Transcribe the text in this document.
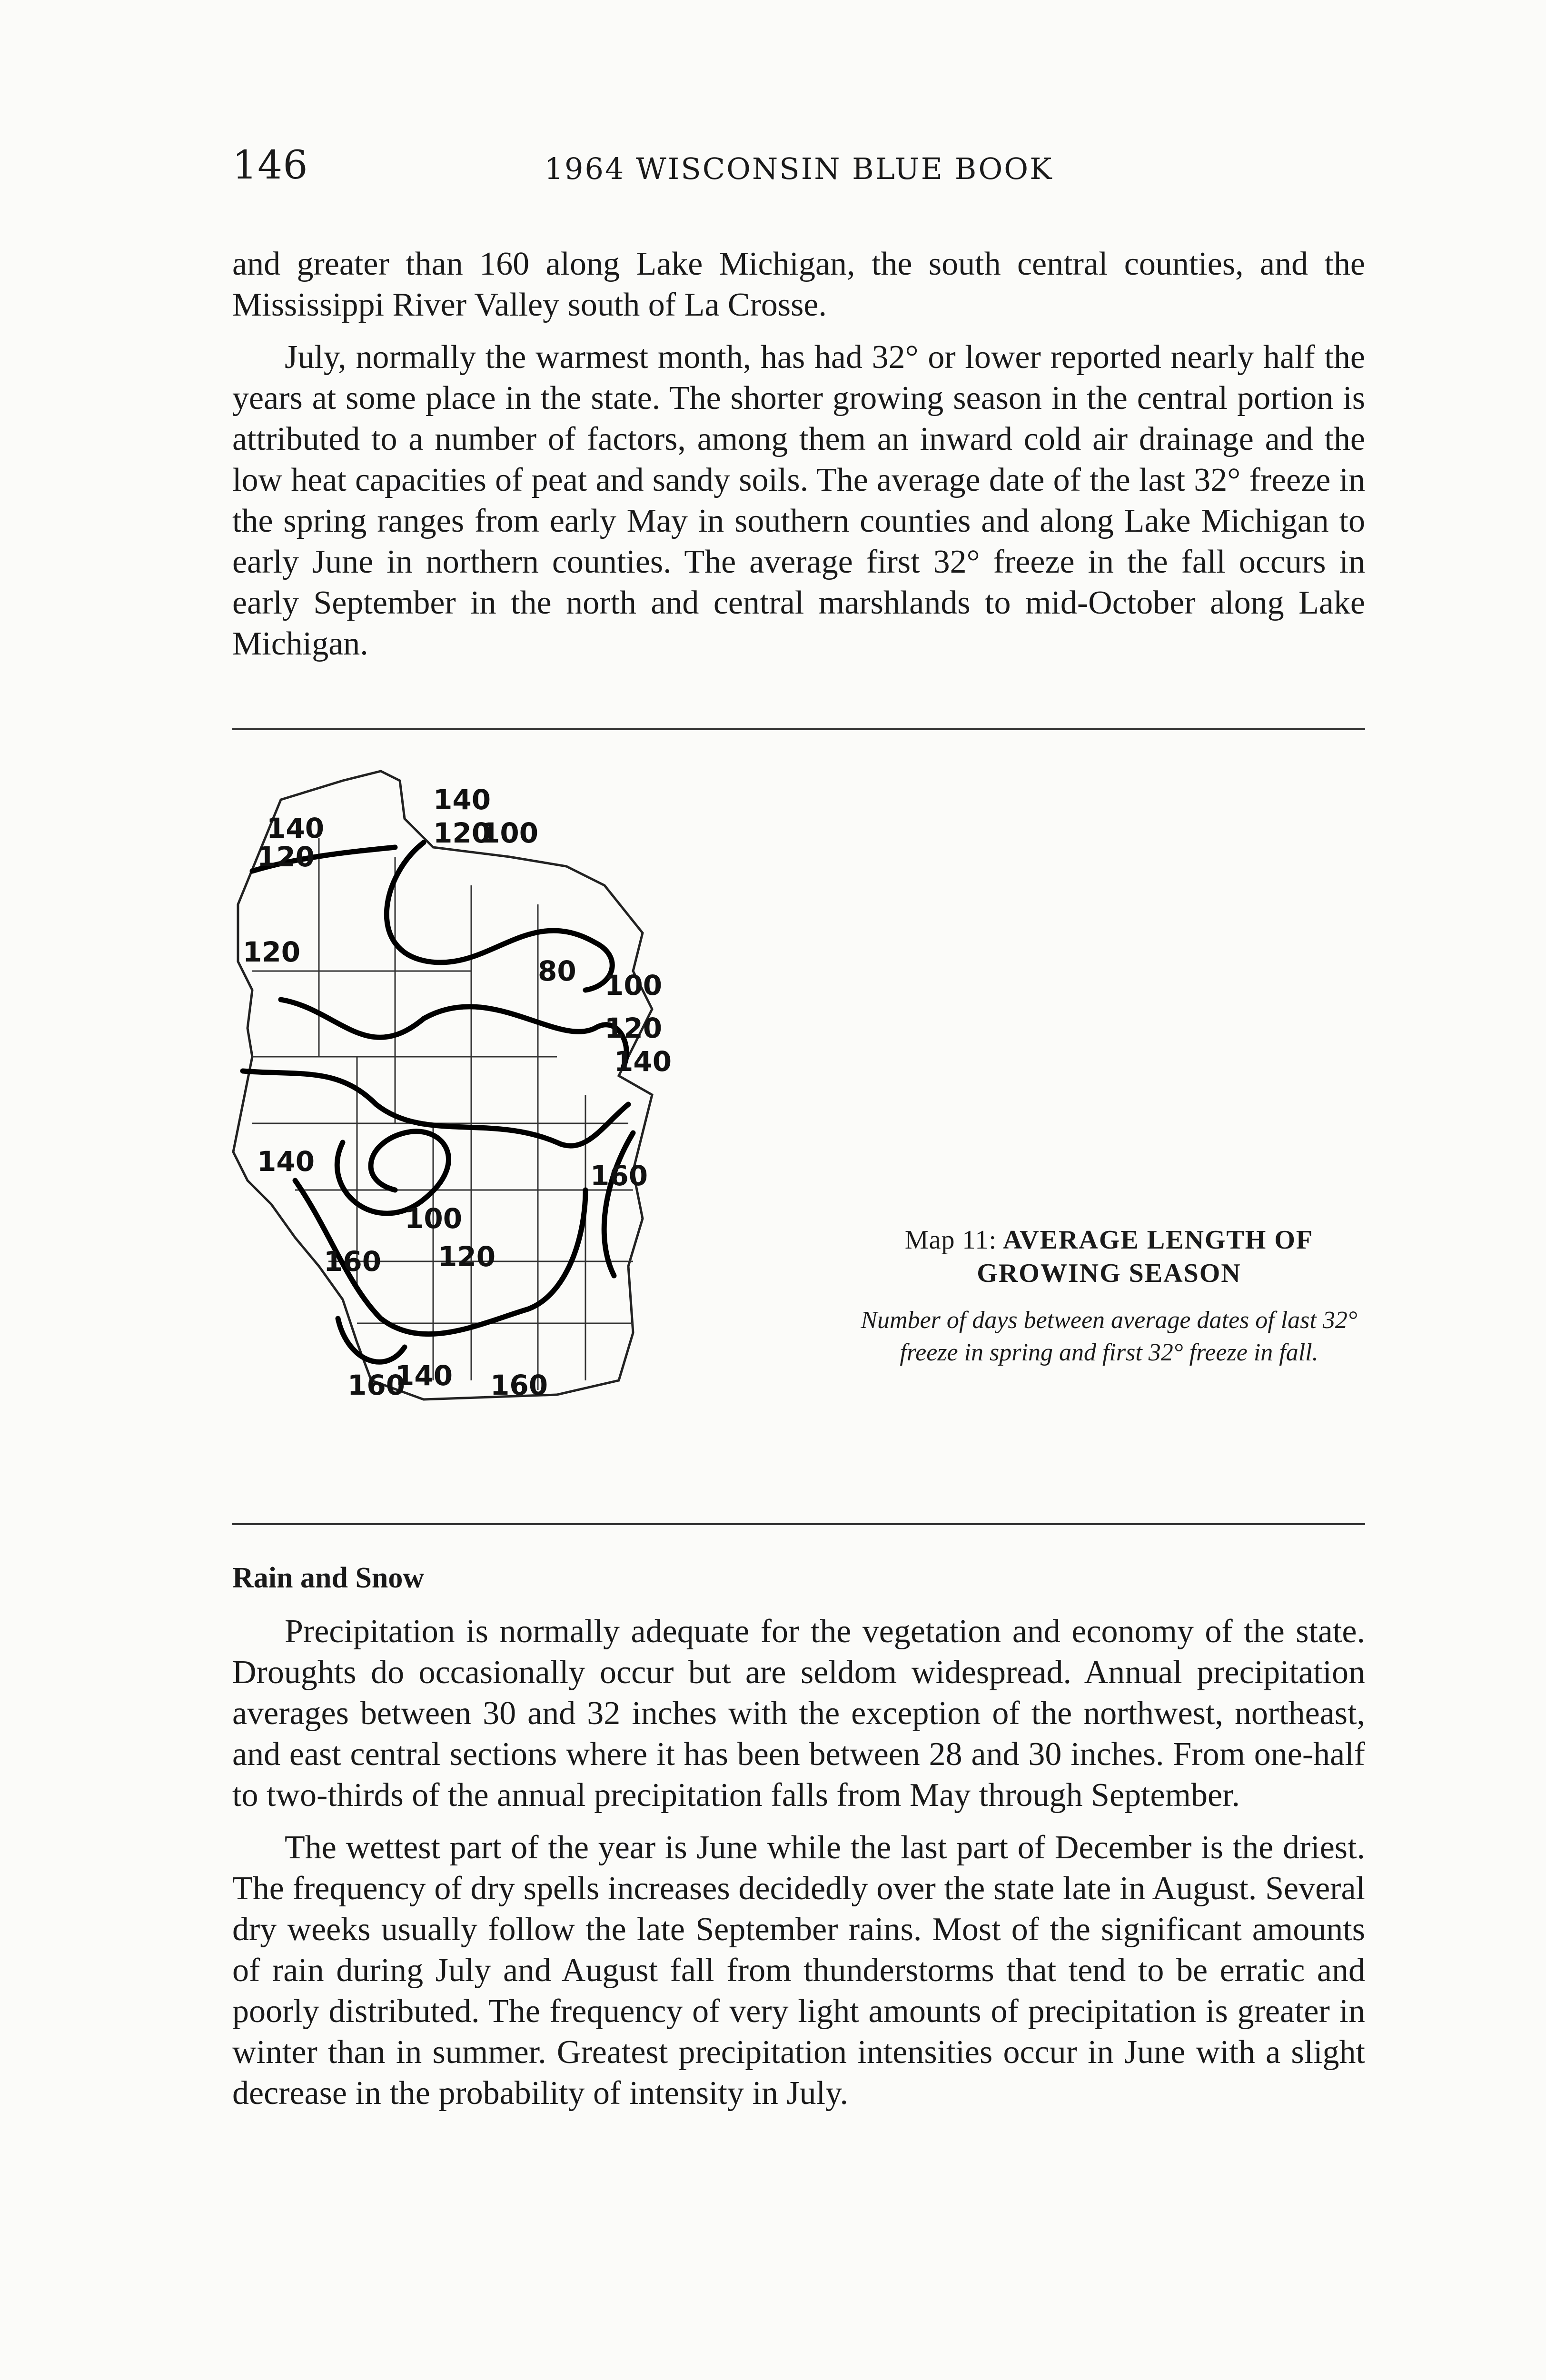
146	1964 WISCONSIN BLUE BOOK

and greater than 160 along Lake Michigan, the south central counties, and the Mississippi River Valley south of La Crosse.

July, normally the warmest month, has had 32° or lower reported nearly half the years at some place in the state. The shorter growing season in the central portion is attributed to a number of factors, among them an inward cold air drainage and the low heat capacities of peat and sandy soils. The average date of the last 32° freeze in the spring ranges from early May in southern counties and along Lake Michigan to early June in northern counties. The average first 32° freeze in the fall occurs in early September in the north and central marshlands to mid-October along Lake Michigan.

140
120
140
120
100
120
80 100
120
140
140	160
100
120
160
160
140 160
Map 11: AVERAGE LENGTH OF GROWING SEASON
Number of days between average dates of last 32° freeze in spring and first 32° freeze in fall.
Rain and Snow

Precipitation is normally adequate for the vegetation and economy of the state. Droughts do occasionally occur but are seldom widespread. Annual precipitation averages between 30 and 32 inches with the exception of the northwest, northeast, and east central sections where it has been between 28 and 30 inches. From one-half to two-thirds of the annual precipitation falls from May through September.

The wettest part of the year is June while the last part of December is the driest. The frequency of dry spells increases decidedly over the state late in August. Several dry weeks usually follow the late September rains. Most of the significant amounts of rain during July and August fall from thunderstorms that tend to be erratic and poorly distributed. The frequency of very light amounts of precipitation is greater in winter than in summer. Greatest precipitation intensities occur in June with a slight decrease in the probability of intensity in July.
